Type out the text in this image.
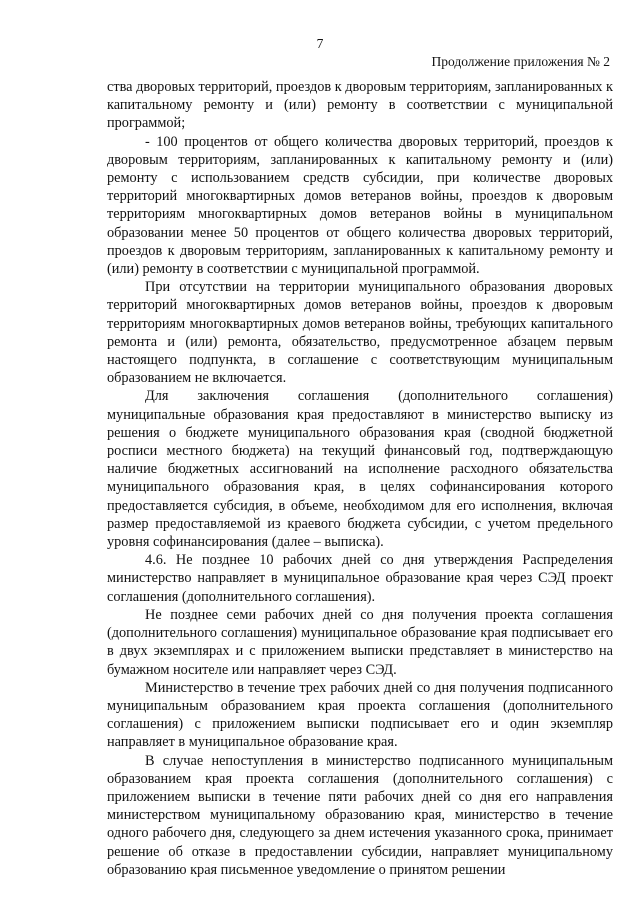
7
Продолжение приложения № 2

ства дворовых территорий, проездов к дворовым территориям, запланированных к капитальному ремонту и (или) ремонту в соответствии с муниципальной программой;

- 100 процентов от общего количества дворовых территорий, проездов к дворовым территориям, запланированных к капитальному ремонту и (или) ремонту с использованием средств субсидии, при количестве дворовых территорий многоквартирных домов ветеранов войны, проездов к дворовым территориям многоквартирных домов ветеранов войны в муниципальном образовании менее 50 процентов от общего количества дворовых территорий, проездов к дворовым территориям, запланированных к капитальному ремонту и (или) ремонту в соответствии с муниципальной программой.

При отсутствии на территории муниципального образования дворовых территорий многоквартирных домов ветеранов войны, проездов к дворовым территориям многоквартирных домов ветеранов войны, требующих капитального ремонта и (или) ремонта, обязательство, предусмотренное абзацем первым настоящего подпункта, в соглашение с соответствующим муниципальным образованием не включается.

Для заключения соглашения (дополнительного соглашения) муниципальные образования края предоставляют в министерство выписку из решения о бюджете муниципального образования края (сводной бюджетной росписи местного бюджета) на текущий финансовый год, подтверждающую наличие бюджетных ассигнований на исполнение расходного обязательства муниципального образования края, в целях софинансирования которого предоставляется субсидия, в объеме, необходимом для его исполнения, включая размер предоставляемой из краевого бюджета субсидии, с учетом предельного уровня софинансирования (далее – выписка).

4.6. Не позднее 10 рабочих дней со дня утверждения Распределения министерство направляет в муниципальное образование края через СЭД проект соглашения (дополнительного соглашения).

Не позднее семи рабочих дней со дня получения проекта соглашения (дополнительного соглашения) муниципальное образование края подписывает его в двух экземплярах и с приложением выписки представляет в министерство на бумажном носителе или направляет через СЭД.

Министерство в течение трех рабочих дней со дня получения подписанного муниципальным образованием края проекта соглашения (дополнительного соглашения) с приложением выписки подписывает его и один экземпляр направляет в муниципальное образование края.

В случае непоступления в министерство подписанного муниципальным образованием края проекта соглашения (дополнительного соглашения) с приложением выписки в течение пяти рабочих дней со дня его направления министерством муниципальному образованию края, министерство в течение одного рабочего дня, следующего за днем истечения указанного срока, принимает решение об отказе в предоставлении субсидии, направляет муниципальному образованию края письменное уведомление о принятом решении
